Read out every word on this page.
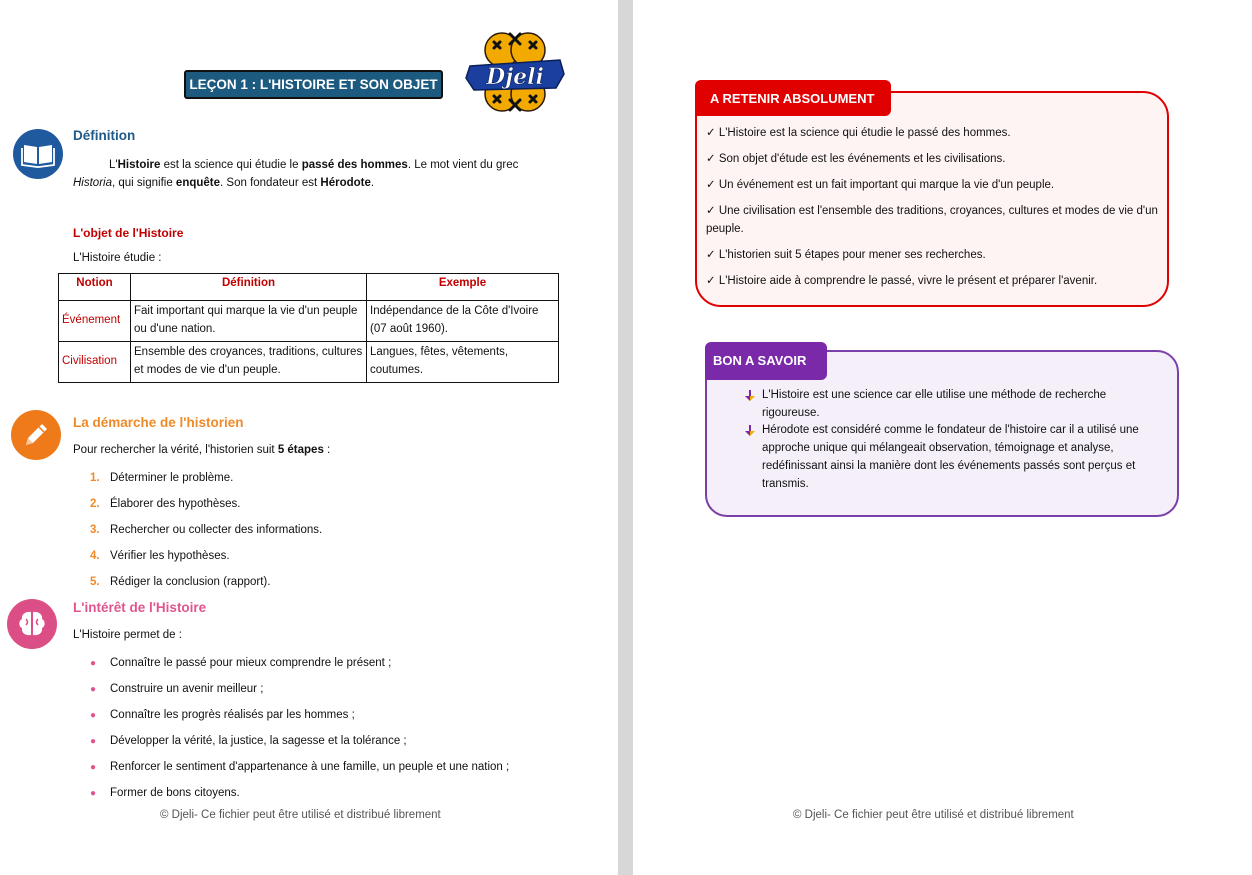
LEÇON 1 : L'HISTOIRE ET SON OBJET Djeli
Définition
L'Histoire est la science qui étudie le passé des hommes. Le mot vient du grec Historia, qui signifie enquête. Son fondateur est Hérodote.
L'objet de l'Histoire
L'Histoire étudie :
Notion	Définition	Exemple
Événement	Fait important qui marque la vie d'un peuple ou d'une nation.	Indépendance de la Côte d'Ivoire (07 août 1960).
Civilisation	Ensemble des croyances, traditions, cultures et modes de vie d'un peuple.	Langues, fêtes, vêtements, coutumes.
La démarche de l'historien
Pour rechercher la vérité, l'historien suit 5 étapes :
1. Déterminer le problème.
2. Élaborer des hypothèses.
3. Rechercher ou collecter des informations.
4. Vérifier les hypothèses.
5. Rédiger la conclusion (rapport).
L'intérêt de l'Histoire
L'Histoire permet de :
● Connaître le passé pour mieux comprendre le présent ;
● Construire un avenir meilleur ;
● Connaître les progrès réalisés par les hommes ;
● Développer la vérité, la justice, la sagesse et la tolérance ;
● Renforcer le sentiment d'appartenance à une famille, un peuple et une nation ;
● Former de bons citoyens.
© Djeli- Ce fichier peut être utilisé et distribué librement
A RETENIR ABSOLUMENT
✓ L'Histoire est la science qui étudie le passé des hommes.
✓ Son objet d'étude est les événements et les civilisations.
✓ Un événement est un fait important qui marque la vie d'un peuple.
✓ Une civilisation est l'ensemble des traditions, croyances, cultures et modes de vie d'un peuple.
✓ L'historien suit 5 étapes pour mener ses recherches.
✓ L'Histoire aide à comprendre le passé, vivre le présent et préparer l'avenir.
BON A SAVOIR
L'Histoire est une science car elle utilise une méthode de recherche rigoureuse.
Hérodote est considéré comme le fondateur de l'histoire car il a utilisé une approche unique qui mélangeait observation, témoignage et analyse, redéfinissant ainsi la manière dont les événements passés sont perçus et transmis.
© Djeli- Ce fichier peut être utilisé et distribué librement
